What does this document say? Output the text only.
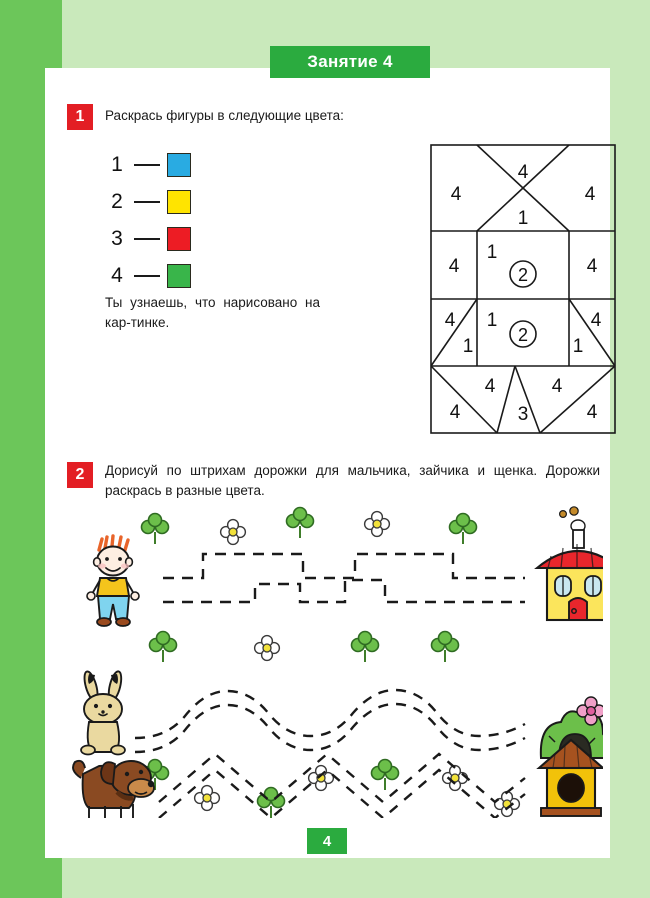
Занятие 4
1	Раскрась фигуры в следующие цвета:
1
2
3
4
Ты узнаешь, что нарисовано на кар-тинке.
4
4	4
1
4
1
4
4
1
1	4
1
4
4
3
4
4
2
2
2	Дорисуй по штрихам дорожки для мальчика, зайчика и щенка. Дорожки раскрась в разные цвета.
4
